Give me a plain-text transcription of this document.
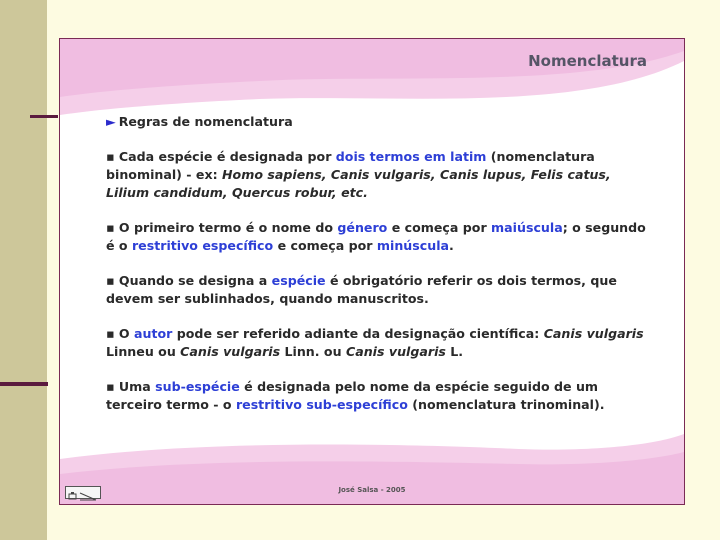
Nomenclatura
► Regras de nomenclatura
▪ Cada espécie é designada por dois termos em latim (nomenclatura binominal) - ex: Homo sapiens, Canis vulgaris, Canis lupus, Felis catus, Lilium candidum, Quercus robur, etc.
▪ O primeiro termo é o nome do género e começa por maiúscula; o segundo é o restritivo específico e começa por minúscula.
▪ Quando se designa a espécie é obrigatório referir os dois termos, que devem ser sublinhados, quando manuscritos.
▪ O autor pode ser referido adiante da designação científica: Canis vulgaris Linneu ou Canis vulgaris Linn. ou Canis vulgaris L.
▪ Uma sub-espécie é designada pelo nome da espécie seguido de um terceiro termo - o restritivo sub-específico (nomenclatura trinominal).
José Salsa - 2005
